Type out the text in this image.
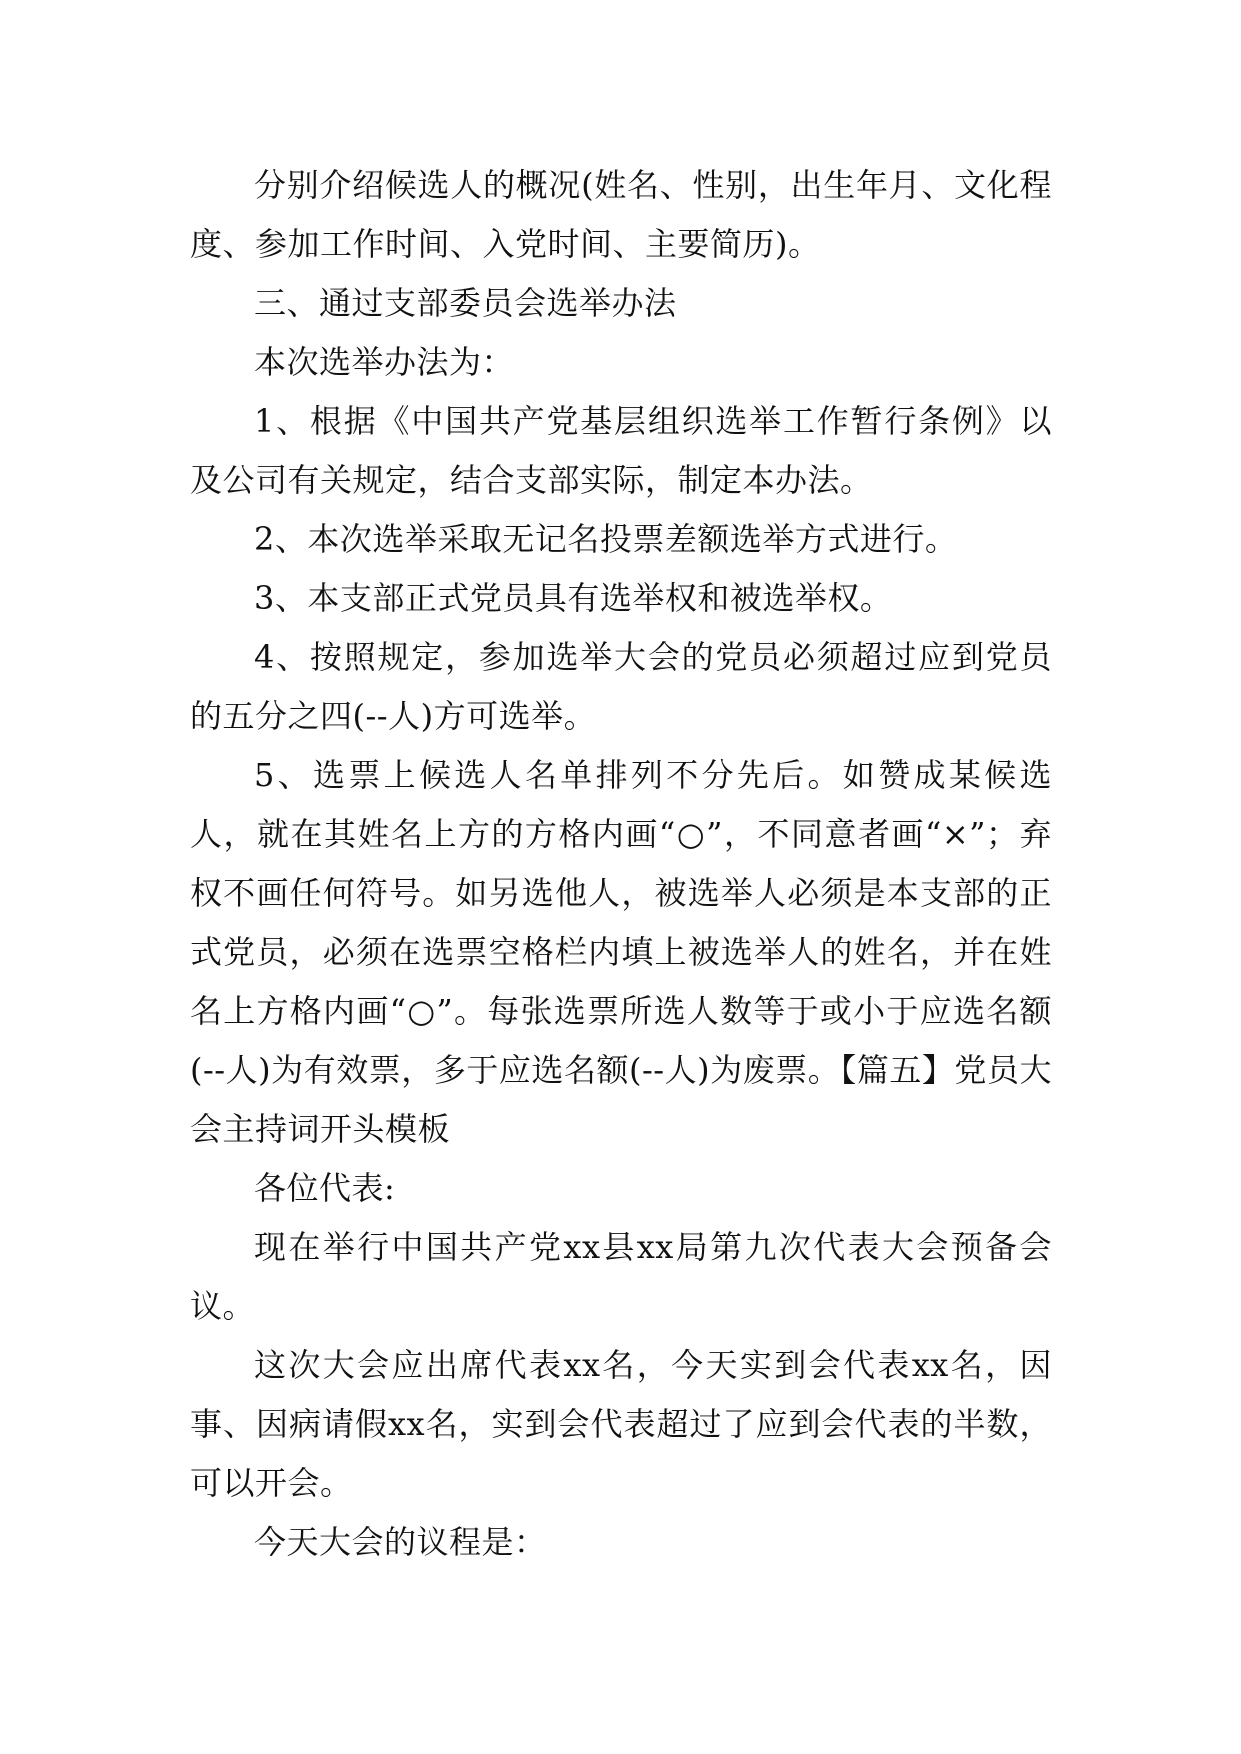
分别介绍候选人的概况(姓名、性别，出生年月、文化程度、参加工作时间、入党时间、主要简历)。

三、通过支部委员会选举办法

本次选举办法为：

1、根据《中国共产党基层组织选举工作暂行条例》以及公司有关规定，结合支部实际，制定本办法。

2、本次选举采取无记名投票差额选举方式进行。

3、本支部正式党员具有选举权和被选举权。

4、按照规定，参加选举大会的党员必须超过应到党员的五分之四(--人)方可选举。

5、选票上候选人名单排列不分先后。如赞成某候选人，就在其姓名上方的方格内画“○”，不同意者画“×”；弃权不画任何符号。如另选他人，被选举人必须是本支部的正式党员，必须在选票空格栏内填上被选举人的姓名，并在姓名上方格内画“○”。每张选票所选人数等于或小于应选名额(--人)为有效票，多于应选名额(--人)为废票。【篇五】党员大会主持词开头模板

各位代表:

现在举行中国共产党xx县xx局第九次代表大会预备会议。

这次大会应出席代表xx名，今天实到会代表xx名，因事、因病请假xx名，实到会代表超过了应到会代表的半数，可以开会。

今天大会的议程是：
